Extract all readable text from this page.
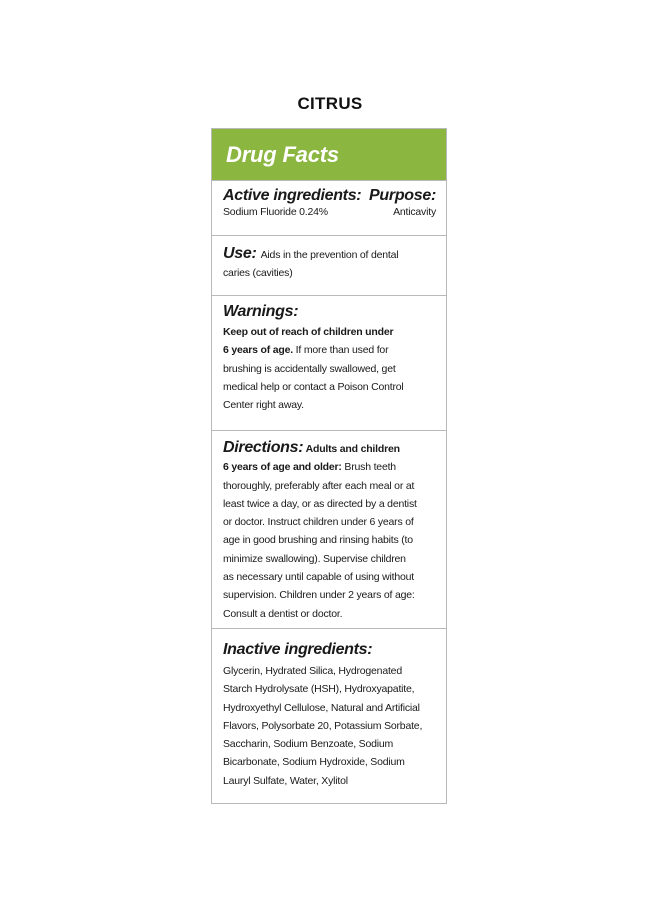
CITRUS
Drug Facts
Active ingredients: Purpose:
Sodium Fluoride 0.24%	Anticavity
Use: Aids in the prevention of dental
caries (cavities)
Warnings:
Keep out of reach of children under
6 years of age. If more than used for
brushing is accidentally swallowed, get
medical help or contact a Poison Control
Center right away.
Directions: Adults and children
6 years of age and older: Brush teeth
thoroughly, preferably after each meal or at
least twice a day, or as directed by a dentist
or doctor. Instruct children under 6 years of
age in good brushing and rinsing habits (to
minimize swallowing). Supervise children
as necessary until capable of using without
supervision. Children under 2 years of age:
Consult a dentist or doctor.
Inactive ingredients:
Glycerin, Hydrated Silica, Hydrogenated
Starch Hydrolysate (HSH), Hydroxyapatite,
Hydroxyethyl Cellulose, Natural and Artificial
Flavors, Polysorbate 20, Potassium Sorbate,
Saccharin, Sodium Benzoate, Sodium
Bicarbonate, Sodium Hydroxide, Sodium
Lauryl Sulfate, Water, Xylitol
